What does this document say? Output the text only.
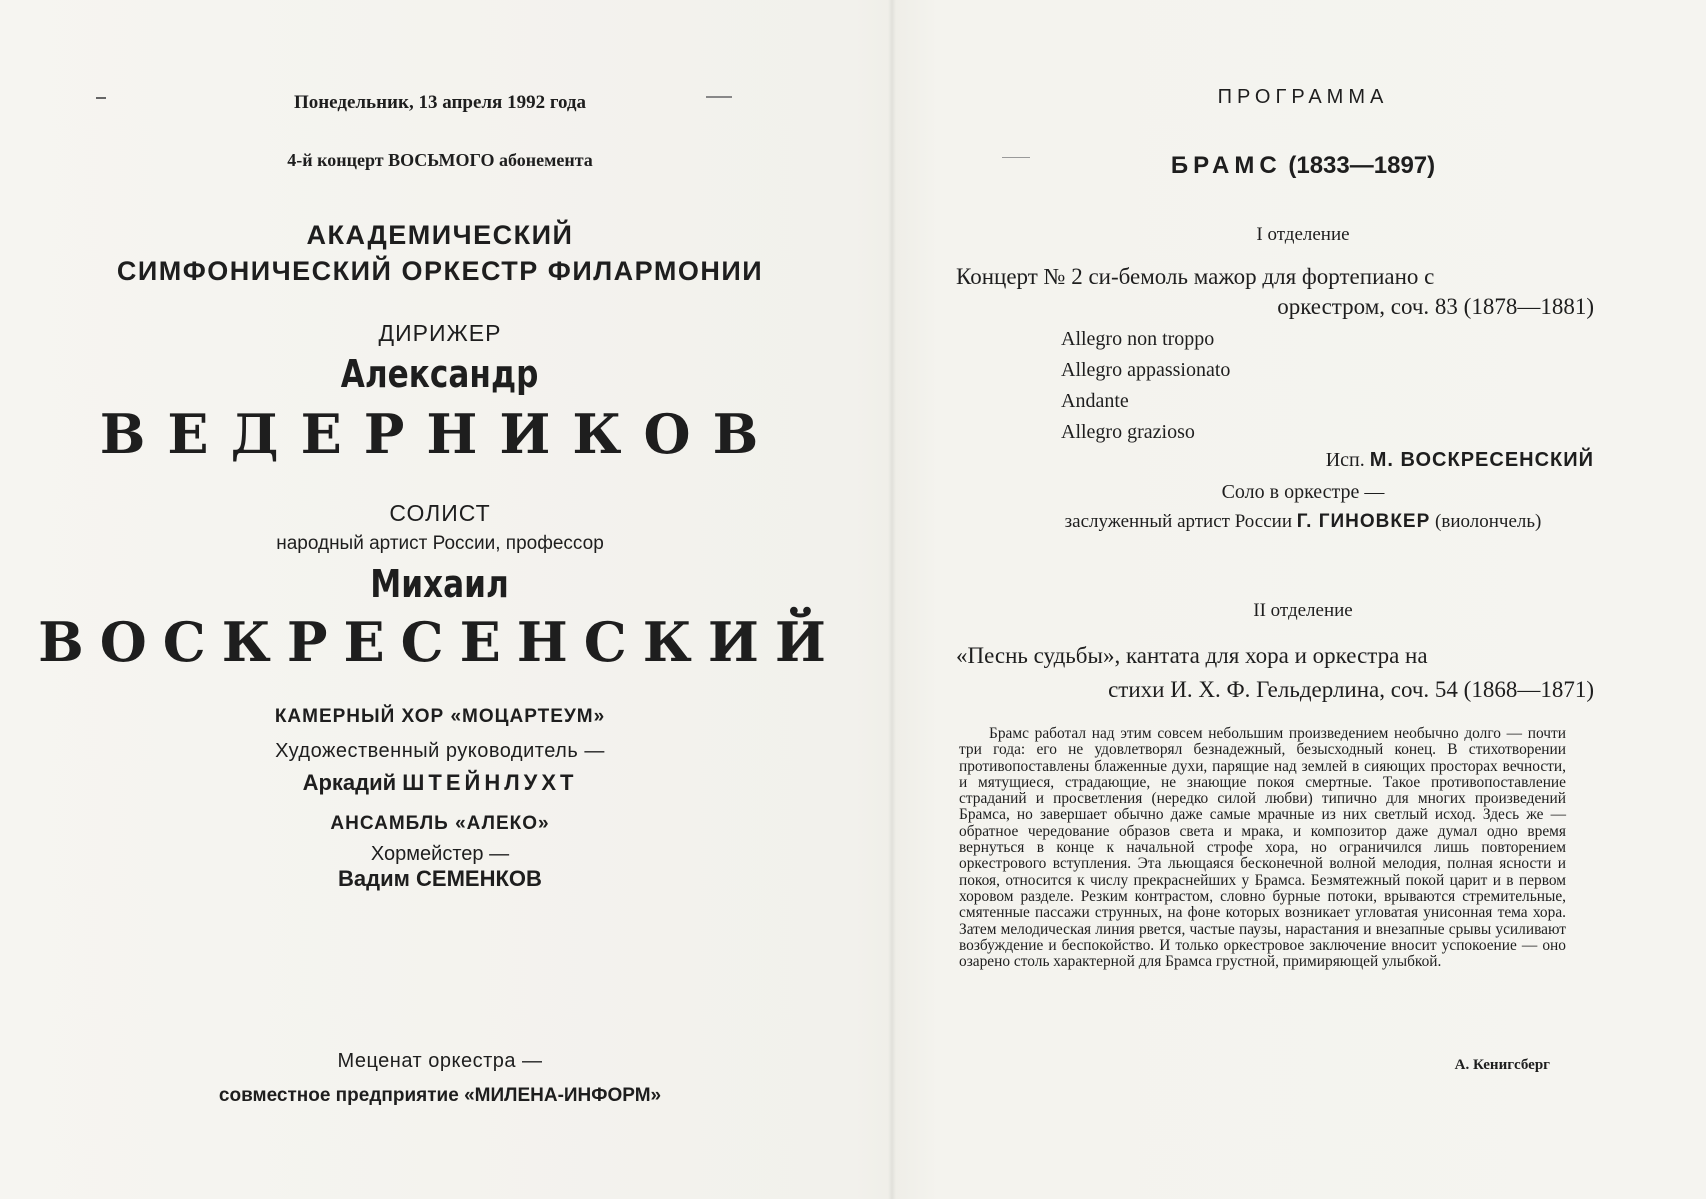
Понедельник, 13 апреля 1992 года
4-й концерт ВОСЬМОГО абонемента
АКАДЕМИЧЕСКИЙ
СИМФОНИЧЕСКИЙ ОРКЕСТР ФИЛАРМОНИИ
ДИРИЖЕР
Александр
ВЕДЕРНИКОВ
СОЛИСТ
народный артист России, профессор
Михаил
ВОСКРЕСЕНСКИЙ
КАМЕРНЫЙ ХОР «МОЦАРТЕУМ»
Художественный руководитель —
Аркадий ШТЕЙНЛУХТ
АНСАМБЛЬ «АЛЕКО»
Хормейстер —
Вадим СЕМЕНКОВ
Меценат оркестра —
совместное предприятие «МИЛЕНА-ИНФОРМ»
ПРОГРАММА
БРАМС (1833—1897)
I отделение
Концерт № 2 си-бемоль мажор для фортепиано с
оркестром, соч. 83 (1878—1881)
Allegro non troppo
Allegro appassionato
Andante
Allegro grazioso
Исп. М. ВОСКРЕСЕНСКИЙ
Соло в оркестре —
заслуженный артист России Г. ГИНОВКЕР (виолончель)
II отделение
«Песнь судьбы», кантата для хора и оркестра на
стихи И. Х. Ф. Гельдерлина, соч. 54 (1868—1871)

Брамс работал над этим совсем небольшим произведением необычно долго — почти три года: его не удовлетворял безнадежный, безысходный конец. В стихотворении противопоставлены блаженные духи, парящие над землей в сияющих просторах вечности, и мятущиеся, страдающие, не знающие покоя смертные. Такое противопоставление страданий и просветления (нередко силой любви) типично для многих произведений Брамса, но завершает обычно даже самые мрачные из них светлый исход. Здесь же — обратное чередование образов света и мрака, и композитор даже думал одно время вернуться в конце к начальной строфе хора, но ограничился лишь повторением оркестрового вступления. Эта льющаяся бесконечной волной мелодия, полная ясности и покоя, относится к числу прекраснейших у Брамса. Безмятежный покой царит и в первом хоровом разделе. Резким контрастом, словно бурные потоки, врываются стремительные, смятенные пассажи струнных, на фоне которых возникает угловатая унисонная тема хора. Затем мелодическая линия рвется, частые паузы, нарастания и внезапные срывы усиливают возбуждение и беспокойство. И только оркестровое заключение вносит успокоение — оно озарено столь характерной для Брамса грустной, примиряющей улыбкой.

А. Кенигсберг
